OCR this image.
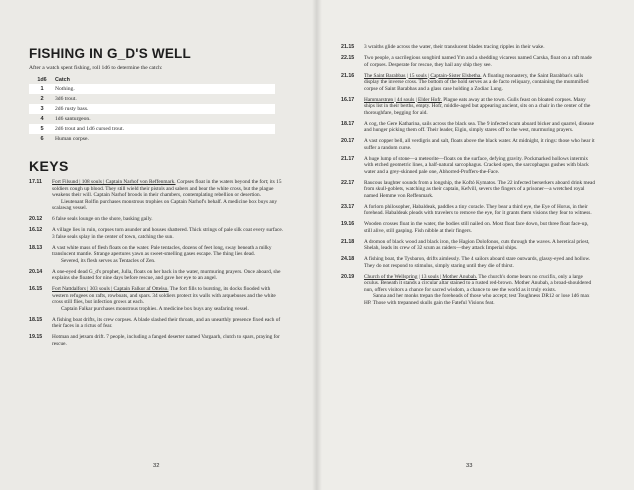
FISHING IN G_D'S WELL

After a watch spent fishing, roll 1d6 to determine the catch:

1d6	Catch
1	Nothing.
2	3d6 trout.
3	2d6 rusty bass.
4	1d6 santurgeon.
5	2d6 trout and 1d6 cursed trout.
6	Human corpse.
KEYS
17.11	Fort Filsund | 108 souls | Captain Narhof von Reffenmark. Corpses float in the waters beyond the fort; its 15 soldiers cough up blood. They still wield their pistols and sabers and bear the white cross, but the plague weakens their will. Captain Narhof broods in their chambers, contemplating rebellion or desertion.

Lieutenant Rolfin purchases monstrous trophies on Captain Narhof's behalf. A medicine box buys any scalawag vessel.

20.12	6 false seals lounge on the shore, basking gaily.

16.12	A village lies in ruin, corpses torn asunder and houses shattered. Thick strings of pale silk coat every surface. 3 false seals splay in the center of town, catching the sun.

18.13	A vast white mass of flesh floats on the water. Pale tentacles, dozens of feet long, sway beneath a milky translucent mantle. Strange apertures yawn as sweet-smelling gases escape. The thing lies dead.

Severed, its flesh serves as Tentacles of Zen.

20.14	A one-eyed dead G_d's prophet, Julla, floats on her back in the water, murmuring prayers. Once aboard, she explains she floated for nine days before rescue, and gave her eye to an angel.

16.15	Fort Nattdalfors | 303 souls | Captain Falkor af Ottelso. The fort fills to bursting, its docks flooded with western refugees on rafts, rowboats, and spars. 34 soldiers protect its walls with arquebuses and the white cross still flies, but infection grows at each.

Captain Falkar purchases monstrous trophies. A medicine box buys any seafaring vessel.

18.15	A fishing boat drifts, its crew corpses. A blade slashed their throats, and an unearthly presence fixed each of their faces in a rictus of fear.

19.15	Hotman and jetsam drift. 7 people, including a fanged deserter named Vargaarh, clutch to spars, praying for rescue.

32
21.15	3 wraiths glide across the water, their translucent blades tracing ripples in their wake.

22.15	Two people, a sacrilegious songbird named Ym and a shedding vicaress named Carska, float on a raft made of corpses. Desperate for rescue, they hail any ship they see.

21.16	The Saint Barabbas | 15 souls | Captain-Sister Elsbetha. A floating monastery, the Saint Barabbas's sails display the inverse cross. The bottom of the hold serves as a de facto reliquary, containing the mummified corpse of Saint Barabbas and a glass case holding a Zodiac Lung.

16.17	Hammarstrøn | 44 souls | Elder Hofr. Plague eats away at the town. Gulls feast on bloated corpses. Many ships list in their berths, empty. Hofr, middle-aged but appearing ancient, sits on a chair in the center of the thoroughfare, begging for aid.

18.17	A cog, the Gere Katharina, sails across the black sea. The 9 infected scum aboard bicker and quarrel, disease and hunger picking them off. Their leader, Eigin, simply stares off to the west, murmuring prayers.

20.17	A vast copper bell, all verdigris and salt, floats above the black water. At midnight, it rings: those who hear it suffer a random curse.

21.17	A huge lump of stone—a meteorite—floats on the surface, defying gravity. Pockmarked hollows intermix with etched geometric lines, a half-natural sarcophagus. Cracked open, the sarcophagus gushes with black water and a grey-skinned pale one, Abhorred-Proffers-the-Face.

22.17	Raucous laughter sounds from a longship, the Koftó Kymatos. The 22 infected berserkers aboard drink mead from skull-goblets, watching as their captain, Kefvill, severs the fingers of a prisoner—a wretched royal named Hemme von Reffenmark.

23.17	A forlorn philosopher, Habaldeak, paddles a tiny coracle. They bear a third eye, the Eye of Horus, in their forehead. Habaldeak pleads with travelers to remove the eye, for it grants them visions they fear to witness.

19.16	Wooden crosses float in the water, the bodies still nailed on. Most float face down, but three float face-up, still alive, still gasping. Fish nibble at their fingers.

21.18	A dromon of black wood and black iron, the Hagion Dolofonos, cuts through the waves. A heretical priest, Shelah, leads its crew of 32 scum as raiders—they attack Imperial ships.

24.18	A fishing boat, the Tysbaron, drifts aimlessly. The 4 sailors aboard stare outwards, glassy-eyed and hollow. They do not respond to stimulus, simply staring until they die of thirst.

20.19	Church of the Wellspring | 13 souls | Mother Anubah. The church's dome bears no crucifix, only a large oculus. Beneath it stands a circular altar stained to a rusted red-brown. Mother Anubah, a broad-shouldered nun, offers visitors a chance for sacred wisdom, a chance to see the world as it truly exists.

Sanna and her monks trepan the foreheads of those who accept; test Toughness DR12 or lose 1d6 max HP. Those with trepanned skulls gain the Fateful Visions feat.

33
